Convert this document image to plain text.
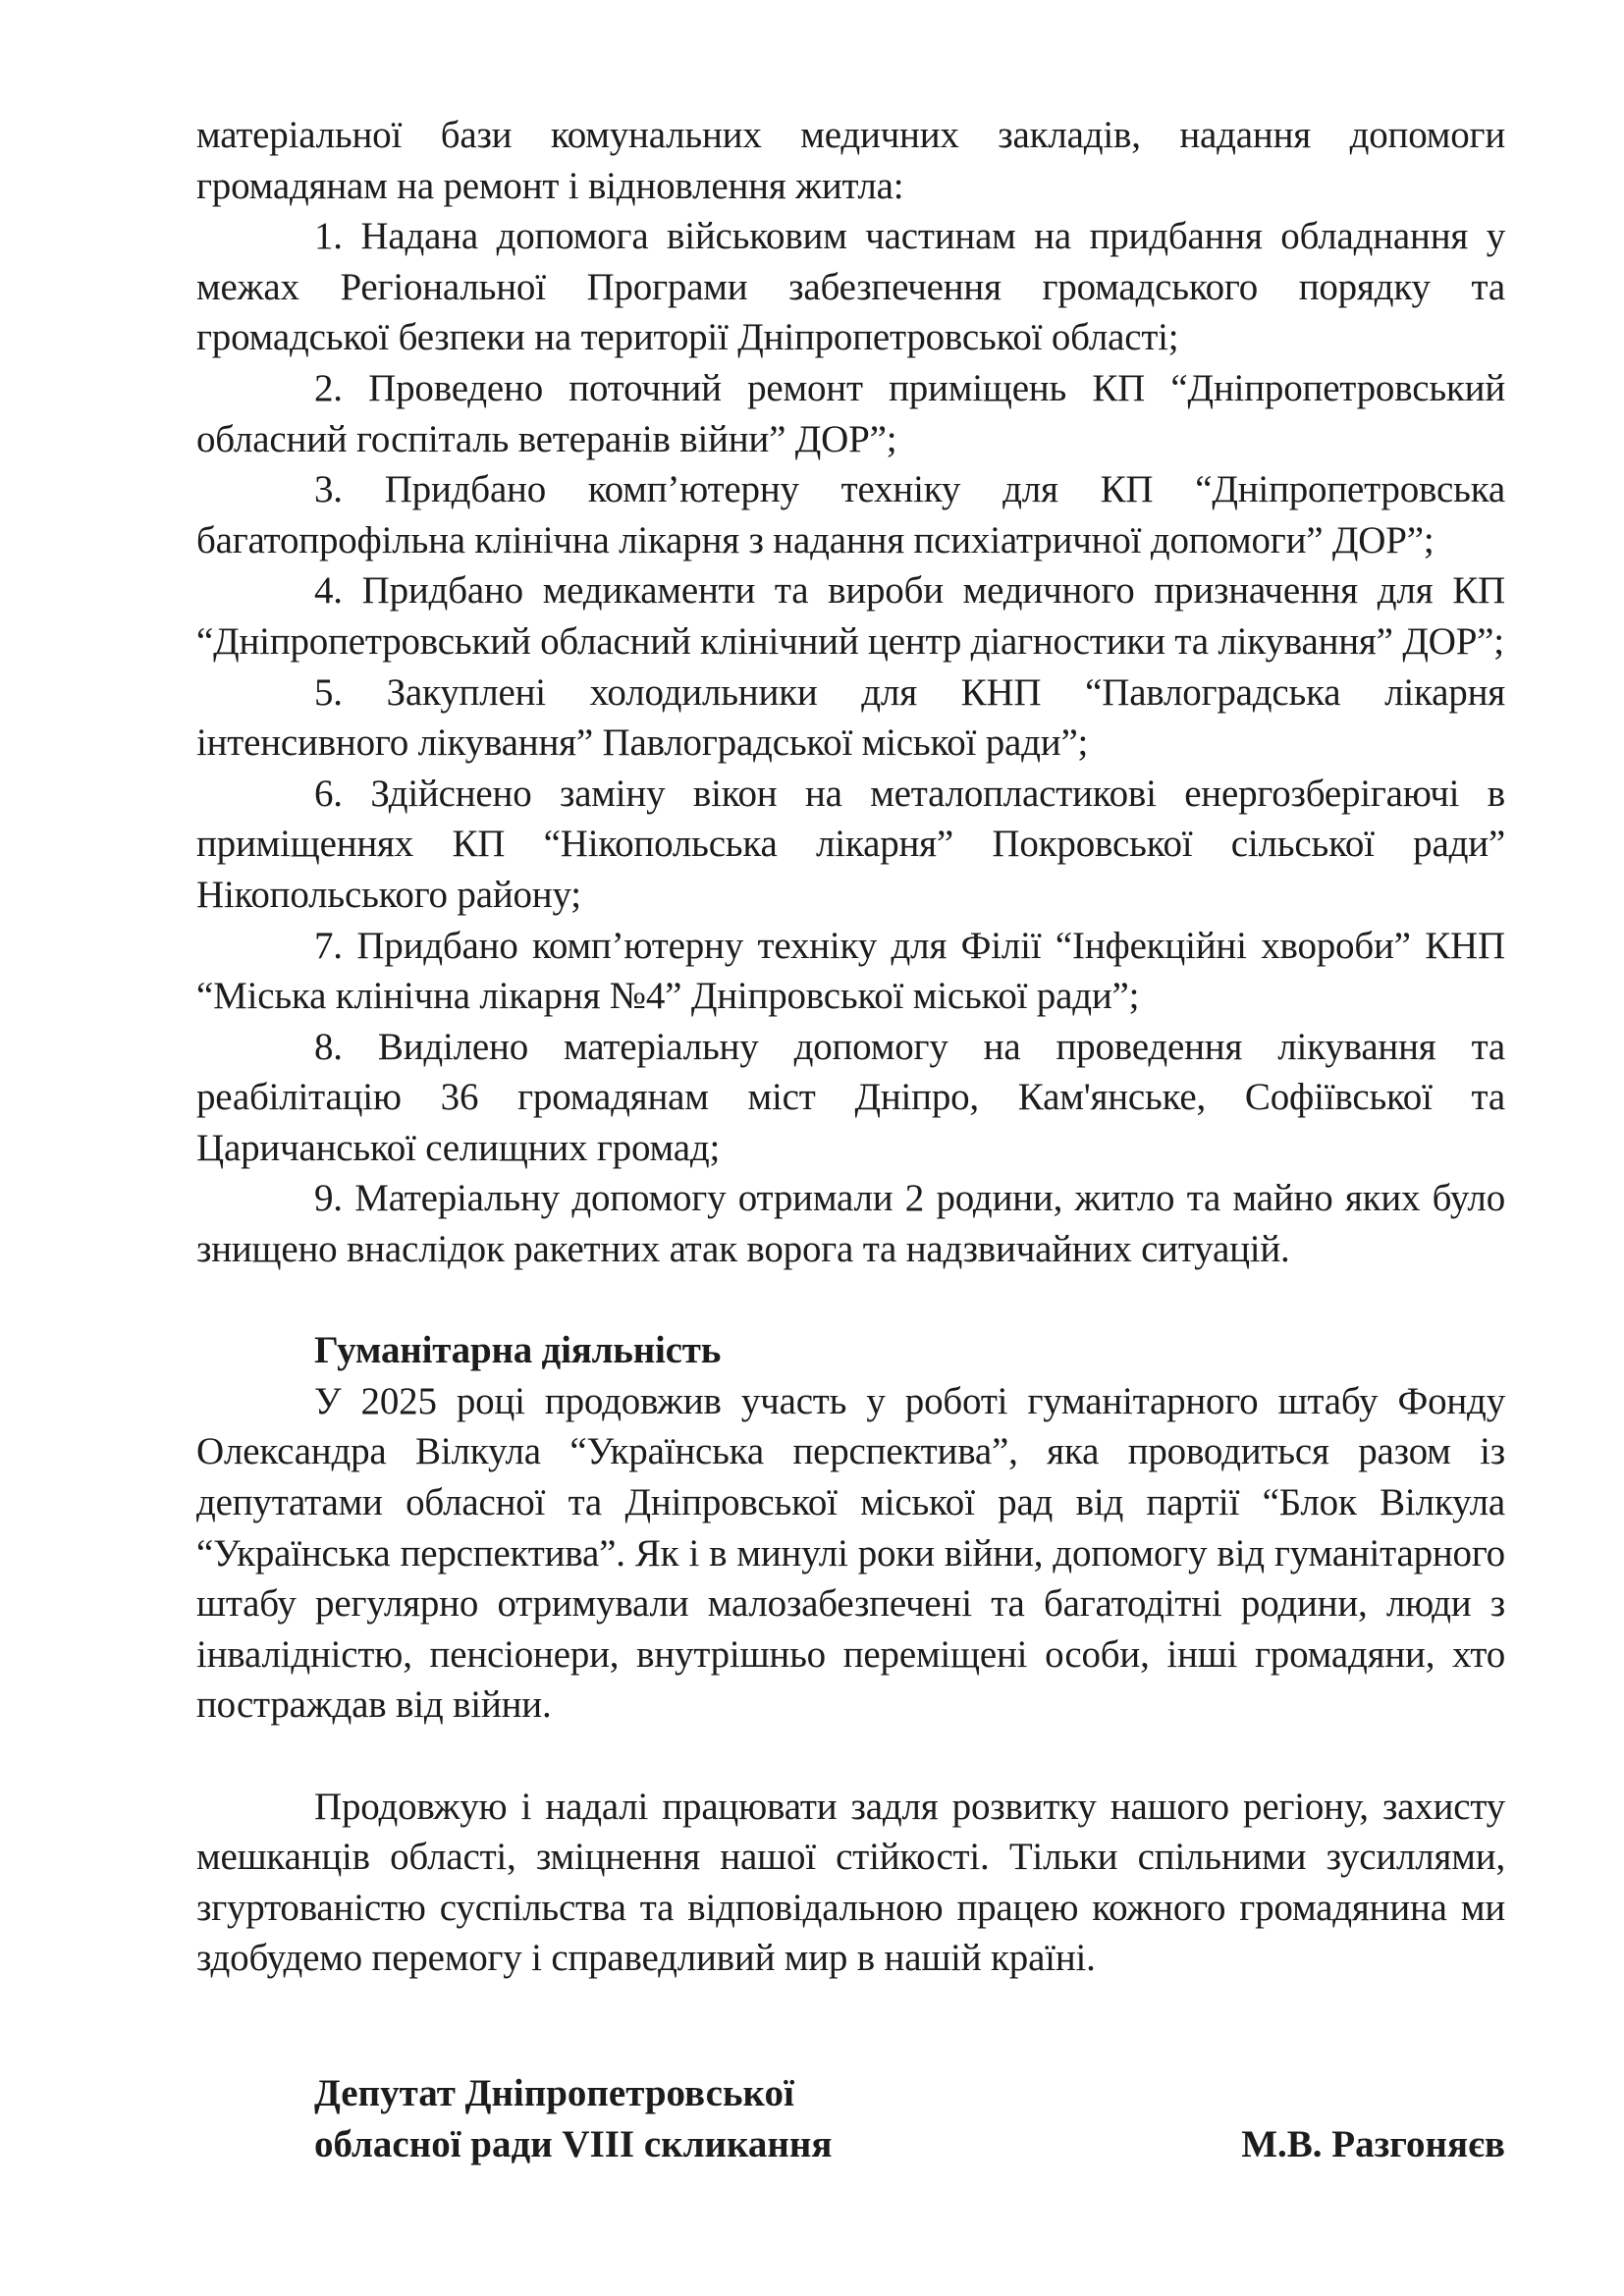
матеріальної бази комунальних медичних закладів, надання допомоги громадянам на ремонт і відновлення житла:

1. Надана допомога військовим частинам на придбання обладнання у межах Регіональної Програми забезпечення громадського порядку та громадської безпеки на території Дніпропетровської області;

2. Проведено поточний ремонт приміщень КП “Дніпропетровський обласний госпіталь ветеранів війни” ДОР”;

3. Придбано комп’ютерну техніку для КП “Дніпропетровська багатопрофільна клінічна лікарня з надання психіатричної допомоги” ДОР”;

4. Придбано медикаменти та вироби медичного призначення для КП “Дніпропетровський обласний клінічний центр діагностики та лікування” ДОР”;

5. Закуплені холодильники для КНП “Павлоградська лікарня інтенсивного лікування” Павлоградської міської ради”;

6. Здійснено заміну вікон на металопластикові енергозберігаючі в приміщеннях КП “Нікопольська лікарня” Покровської сільської ради” Нікопольського району;

7. Придбано комп’ютерну техніку для Філії “Інфекційні хвороби” КНП “Міська клінічна лікарня №4” Дніпровської міської ради”;

8. Виділено матеріальну допомогу на проведення лікування та реабілітацію 36 громадянам міст Дніпро, Кам'янське, Софіївської та Царичанської селищних громад;

9. Матеріальну допомогу отримали 2 родини, житло та майно яких було знищено внаслідок ракетних атак ворога та надзвичайних ситуацій.

Гуманітарна діяльність

У 2025 році продовжив участь у роботі гуманітарного штабу Фонду Олександра Вілкула “Українська перспектива”, яка проводиться разом із депутатами обласної та Дніпровської міської рад від партії “Блок Вілкула “Українська перспектива”. Як і в минулі роки війни, допомогу від гуманітарного штабу регулярно отримували малозабезпечені та багатодітні родини, люди з інвалідністю, пенсіонери, внутрішньо переміщені особи, інші громадяни, хто постраждав від війни.

Продовжую і надалі працювати задля розвитку нашого регіону, захисту мешканців області, зміцнення нашої стійкості. Тільки спільними зусиллями, згуртованістю суспільства та відповідальною працею кожного громадянина ми здобудемо перемогу і справедливий мир в нашій країні.

Депутат Дніпропетровської
обласної ради VIII скликання	М.В. Разгоняєв
